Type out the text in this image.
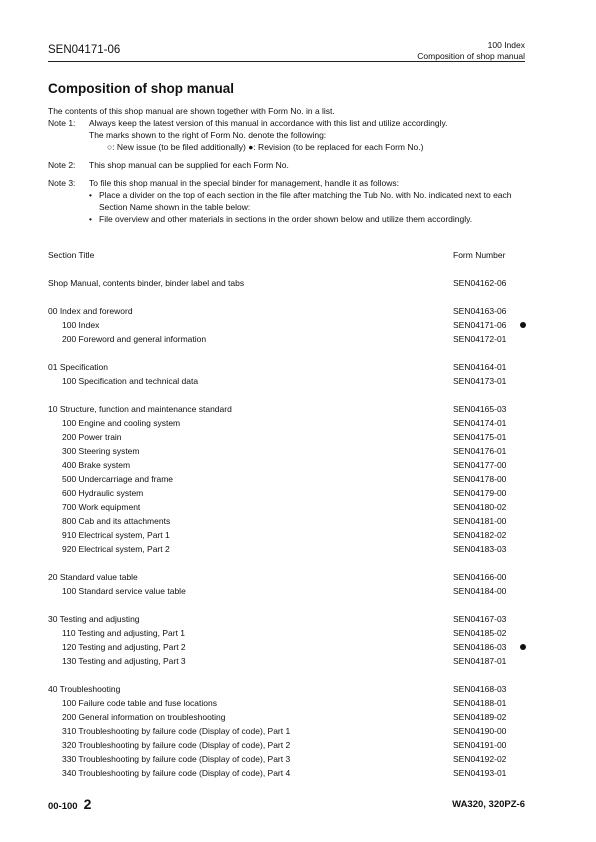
SEN04171-06	100 Index
Composition of shop manual
Composition of shop manual
The contents of this shop manual are shown together with Form No. in a list.
Note 1: Always keep the latest version of this manual in accordance with this list and utilize accordingly.
The marks shown to the right of Form No. denote the following:
○: New issue (to be filed additionally) ●: Revision (to be replaced for each Form No.)
Note 2: This shop manual can be supplied for each Form No.
Note 3: To file this shop manual in the special binder for management, handle it as follows:
• Place a divider on the top of each section in the file after matching the Tub No. with No. indicated next to each Section Name shown in the table below:
• File overview and other materials in sections in the order shown below and utilize them accordingly.
Section Title	Form Number
Shop Manual, contents binder, binder label and tabs	SEN04162-06
00 Index and foreword	SEN04163-06
100 Index	SEN04171-06
200 Foreword and general information	SEN04172-01
01 Specification	SEN04164-01
100 Specification and technical data	SEN04173-01
10 Structure, function and maintenance standard	SEN04165-03
100 Engine and cooling system	SEN04174-01
200 Power train	SEN04175-01
300 Steering system	SEN04176-01
400 Brake system	SEN04177-00
500 Undercarriage and frame	SEN04178-00
600 Hydraulic system	SEN04179-00
700 Work equipment	SEN04180-02
800 Cab and its attachments	SEN04181-00
910 Electrical system, Part 1	SEN04182-02
920 Electrical system, Part 2	SEN04183-03
20 Standard value table	SEN04166-00
100 Standard service value table	SEN04184-00
30 Testing and adjusting	SEN04167-03
110 Testing and adjusting, Part 1	SEN04185-02
120 Testing and adjusting, Part 2	SEN04186-03
130 Testing and adjusting, Part 3	SEN04187-01
40 Troubleshooting	SEN04168-03
100 Failure code table and fuse locations	SEN04188-01
200 General information on troubleshooting	SEN04189-02
310 Troubleshooting by failure code (Display of code), Part 1	SEN04190-00
320 Troubleshooting by failure code (Display of code), Part 2	SEN04191-00
330 Troubleshooting by failure code (Display of code), Part 3	SEN04192-02
340 Troubleshooting by failure code (Display of code), Part 4	SEN04193-01
00-100 2	WA320, 320PZ-6
